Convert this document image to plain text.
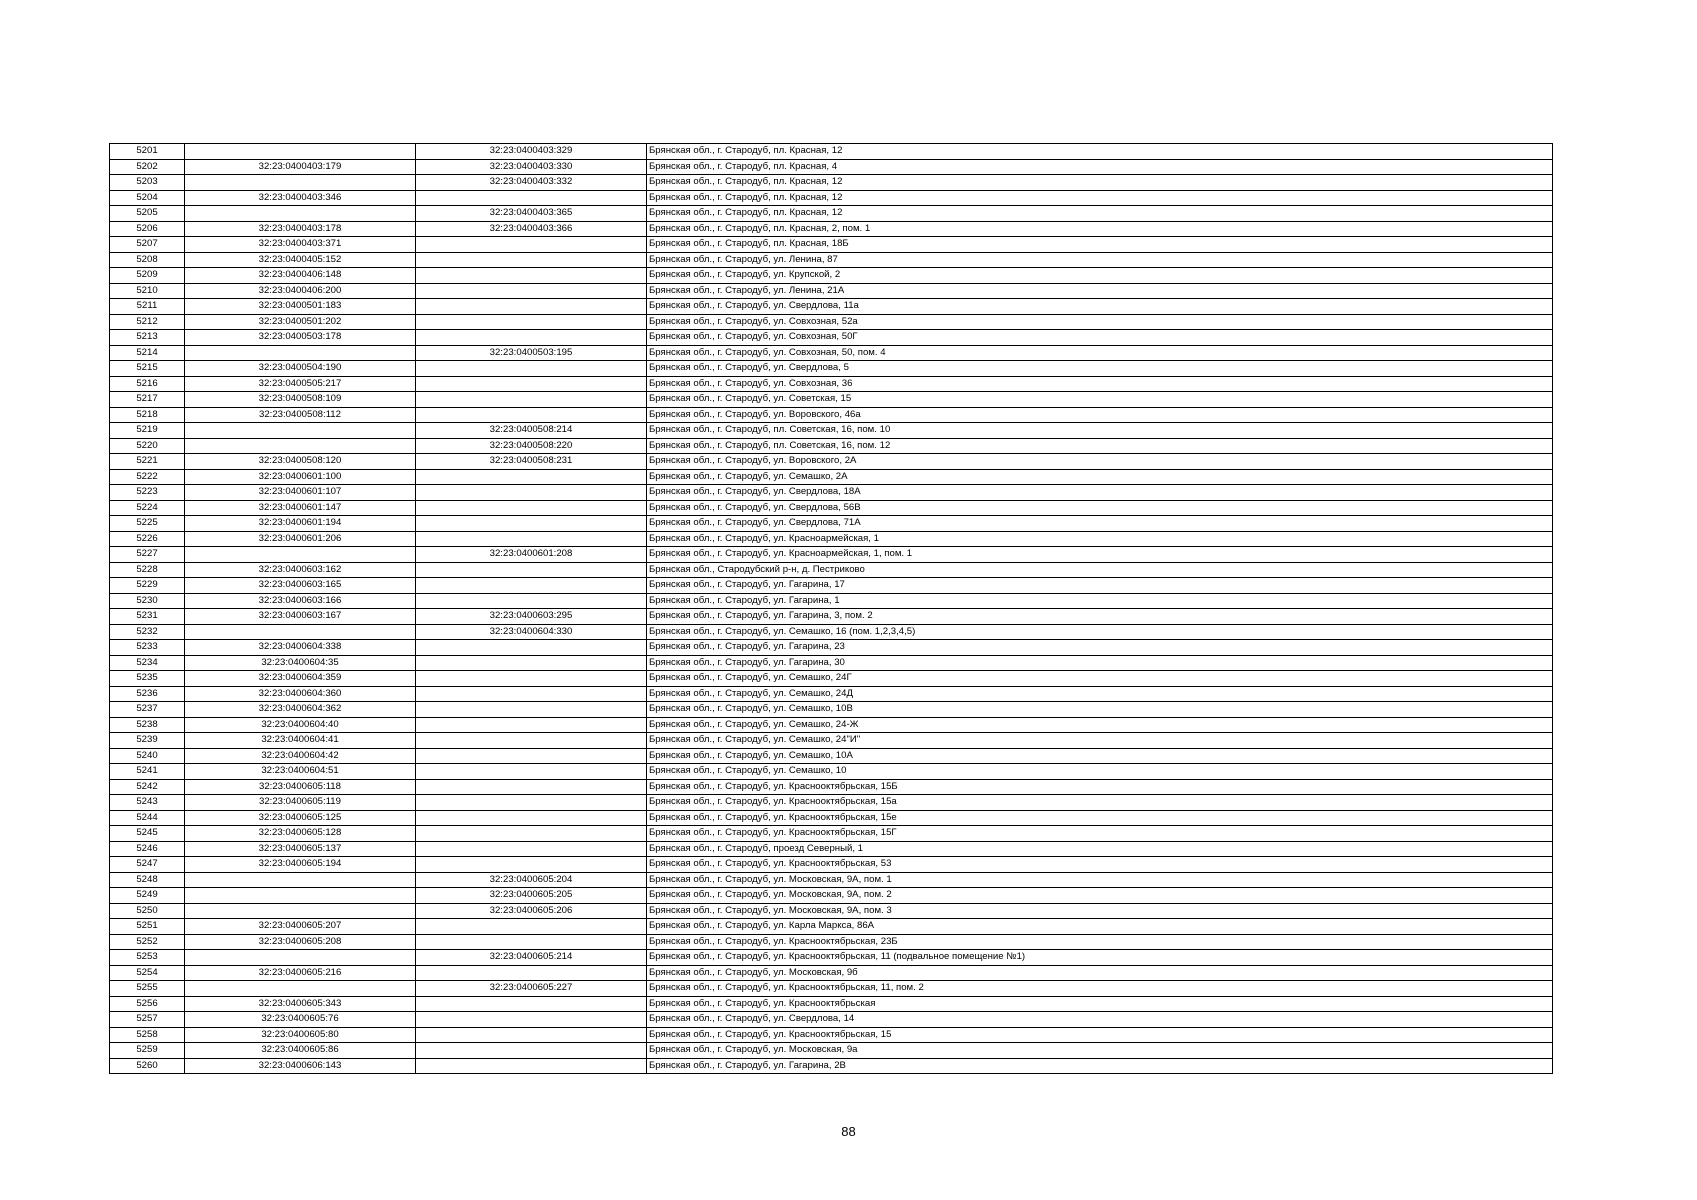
5201		32:23:0400403:329	Брянская обл., г. Стародуб, пл. Красная, 12
5202	32:23:0400403:179	32:23:0400403:330	Брянская обл., г. Стародуб, пл. Красная, 4
5203		32:23:0400403:332	Брянская обл., г. Стародуб, пл. Красная, 12
5204	32:23:0400403:346		Брянская обл., г. Стародуб, пл. Красная, 12
5205		32:23:0400403:365	Брянская обл., г. Стародуб, пл. Красная, 12
5206	32:23:0400403:178	32:23:0400403:366	Брянская обл., г. Стародуб, пл. Красная, 2, пом. 1
5207	32:23:0400403:371		Брянская обл., г. Стародуб, пл. Красная, 18Б
5208	32:23:0400405:152		Брянская обл., г. Стародуб, ул. Ленина, 87
5209	32:23:0400406:148		Брянская обл., г. Стародуб, ул. Крупской, 2
5210	32:23:0400406:200		Брянская обл., г. Стародуб, ул. Ленина, 21А
5211	32:23:0400501:183		Брянская обл., г. Стародуб, ул. Свердлова, 11а
5212	32:23:0400501:202		Брянская обл., г. Стародуб, ул. Совхозная, 52а
5213	32:23:0400503:178		Брянская обл., г. Стародуб, ул. Совхозная, 50Г
5214		32:23:0400503:195	Брянская обл., г. Стародуб, ул. Совхозная, 50, пом. 4
5215	32:23:0400504:190		Брянская обл., г. Стародуб, ул. Свердлова, 5
5216	32:23:0400505:217		Брянская обл., г. Стародуб, ул. Совхозная, 36
5217	32:23:0400508:109		Брянская обл., г. Стародуб, ул. Советская, 15
5218	32:23:0400508:112		Брянская обл., г. Стародуб, ул. Воровского, 46а
5219		32:23:0400508:214	Брянская обл., г. Стародуб, пл. Советская, 16, пом. 10
5220		32:23:0400508:220	Брянская обл., г. Стародуб, пл. Советская, 16, пом. 12
5221	32:23:0400508:120	32:23:0400508:231	Брянская обл., г. Стародуб, ул. Воровского, 2А
5222	32:23:0400601:100		Брянская обл., г. Стародуб, ул. Семашко, 2А
5223	32:23:0400601:107		Брянская обл., г. Стародуб, ул. Свердлова, 18А
5224	32:23:0400601:147		Брянская обл., г. Стародуб, ул. Свердлова, 56В
5225	32:23:0400601:194		Брянская обл., г. Стародуб, ул. Свердлова, 71А
5226	32:23:0400601:206		Брянская обл., г. Стародуб, ул. Красноармейская, 1
5227		32:23:0400601:208	Брянская обл., г. Стародуб, ул. Красноармейская, 1, пом. 1
5228	32:23:0400603:162		Брянская обл., Стародубский р-н, д. Пестриково
5229	32:23:0400603:165		Брянская обл., г. Стародуб, ул. Гагарина, 17
5230	32:23:0400603:166		Брянская обл., г. Стародуб, ул. Гагарина, 1
5231	32:23:0400603:167	32:23:0400603:295	Брянская обл., г. Стародуб, ул. Гагарина, 3, пом. 2
5232		32:23:0400604:330	Брянская обл., г. Стародуб, ул. Семашко, 16 (пом. 1,2,3,4,5)
5233	32:23:0400604:338		Брянская обл., г. Стародуб, ул. Гагарина, 23
5234	32:23:0400604:35		Брянская обл., г. Стародуб, ул. Гагарина, 30
5235	32:23:0400604:359		Брянская обл., г. Стародуб, ул. Семашко, 24Г
5236	32:23:0400604:360		Брянская обл., г. Стародуб, ул. Семашко, 24Д
5237	32:23:0400604:362		Брянская обл., г. Стародуб, ул. Семашко, 10В
5238	32:23:0400604:40		Брянская обл., г. Стародуб, ул. Семашко, 24-Ж
5239	32:23:0400604:41		Брянская обл., г. Стародуб, ул. Семашко, 24"И"
5240	32:23:0400604:42		Брянская обл., г. Стародуб, ул. Семашко, 10А
5241	32:23:0400604:51		Брянская обл., г. Стародуб, ул. Семашко, 10
5242	32:23:0400605:118		Брянская обл., г. Стародуб, ул. Краснооктябрьская, 15Б
5243	32:23:0400605:119		Брянская обл., г. Стародуб, ул. Краснооктябрьская, 15а
5244	32:23:0400605:125		Брянская обл., г. Стародуб, ул. Краснооктябрьская, 15е
5245	32:23:0400605:128		Брянская обл., г. Стародуб, ул. Краснооктябрьская, 15Г
5246	32:23:0400605:137		Брянская обл., г. Стародуб, проезд Северный, 1
5247	32:23:0400605:194		Брянская обл., г. Стародуб, ул. Краснооктябрьская, 53
5248		32:23:0400605:204	Брянская обл., г. Стародуб, ул. Московская, 9А, пом. 1
5249		32:23:0400605:205	Брянская обл., г. Стародуб, ул. Московская, 9А, пом. 2
5250		32:23:0400605:206	Брянская обл., г. Стародуб, ул. Московская, 9А, пом. 3
5251	32:23:0400605:207		Брянская обл., г. Стародуб, ул. Карла Маркса, 86А
5252	32:23:0400605:208		Брянская обл., г. Стародуб, ул. Краснооктябрьская, 23Б
5253		32:23:0400605:214	Брянская обл., г. Стародуб, ул. Краснооктябрьская, 11 (подвальное помещение №1)
5254	32:23:0400605:216		Брянская обл., г. Стародуб, ул. Московская, 9б
5255		32:23:0400605:227	Брянская обл., г. Стародуб, ул. Краснооктябрьская, 11, пом. 2
5256	32:23:0400605:343		Брянская обл., г. Стародуб, ул. Краснооктябрьская
5257	32:23:0400605:76		Брянская обл., г. Стародуб, ул. Свердлова, 14
5258	32:23:0400605:80		Брянская обл., г. Стародуб, ул. Краснооктябрьская, 15
5259	32:23:0400605:86		Брянская обл., г. Стародуб, ул. Московская, 9а
5260	32:23:0400606:143		Брянская обл., г. Стародуб, ул. Гагарина, 2В
88
